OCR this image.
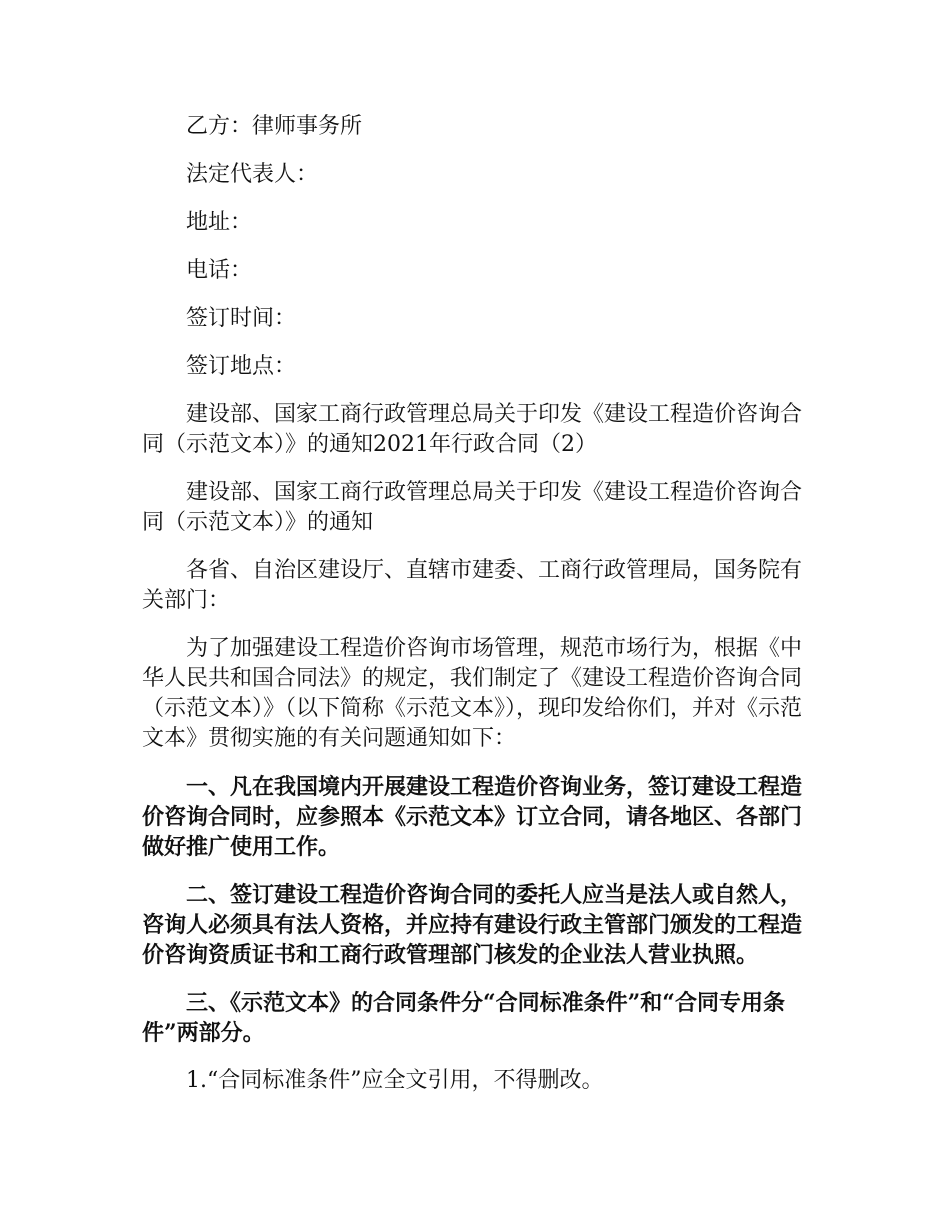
乙方：律师事务所

法定代表人：

地址：

电话：

签订时间：

签订地点：

建设部、国家工商行政管理总局关于印发《建设工程造价咨询合同（示范文本）》的通知2021年行政合同（2）

建设部、国家工商行政管理总局关于印发《建设工程造价咨询合同（示范文本）》的通知

各省、自治区建设厅、直辖市建委、工商行政管理局，国务院有关部门：

为了加强建设工程造价咨询市场管理，规范市场行为，根据《中华人民共和国合同法》的规定，我们制定了《建设工程造价咨询合同（示范文本）》（以下简称《示范文本》），现印发给你们，并对《示范文本》贯彻实施的有关问题通知如下：

一、凡在我国境内开展建设工程造价咨询业务，签订建设工程造价咨询合同时，应参照本《示范文本》订立合同，请各地区、各部门做好推广使用工作。

二、签订建设工程造价咨询合同的委托人应当是法人或自然人，咨询人必须具有法人资格，并应持有建设行政主管部门颁发的工程造价咨询资质证书和工商行政管理部门核发的企业法人营业执照。

三、《示范文本》的合同条件分“合同标准条件”和“合同专用条件”两部分。

1.“合同标准条件”应全文引用，不得删改。
